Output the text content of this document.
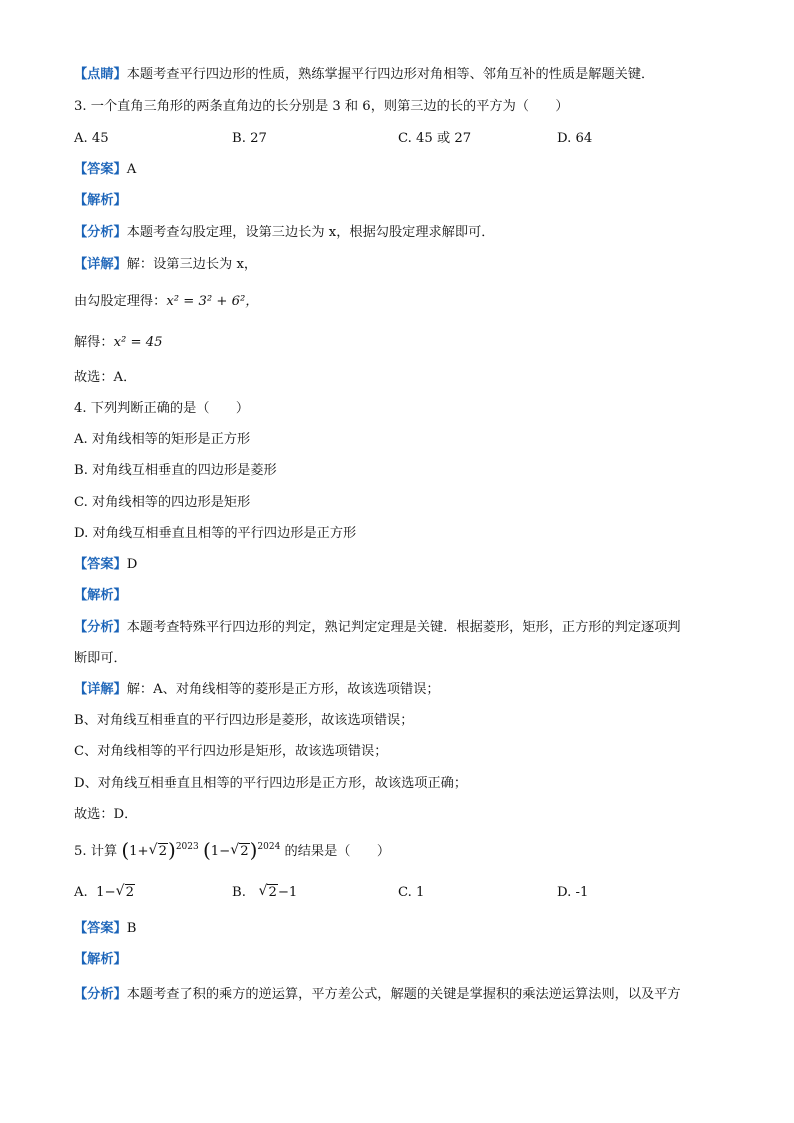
【点睛】本题考查平行四边形的性质，熟练掌握平行四边形对角相等、邻角互补的性质是解题关键．
3. 一个直角三角形的两条直角边的长分别是 3 和 6，则第三边的长的平方为（　　）
A. 45	B. 27	C. 45 或 27	D. 64
【答案】A
【解析】
【分析】本题考查勾股定理，设第三边长为 x，根据勾股定理求解即可．
【详解】解：设第三边长为 x，
由勾股定理得：x² = 3² + 6²，
解得：x² = 45
故选：A．
4. 下列判断正确的是（　　）
A. 对角线相等的矩形是正方形
B. 对角线互相垂直的四边形是菱形
C. 对角线相等的四边形是矩形
D. 对角线互相垂直且相等的平行四边形是正方形
【答案】D
【解析】
【分析】本题考查特殊平行四边形的判定，熟记判定定理是关键．根据菱形，矩形，正方形的判定逐项判
断即可．
【详解】解：A、对角线相等的菱形是正方形，故该选项错误；
B、对角线互相垂直的平行四边形是菱形，故该选项错误；
C、对角线相等的平行四边形是矩形，故该选项错误；
D、对角线互相垂直且相等的平行四边形是正方形，故该选项正确；
故选：D．
5. 计算 (1+ √ 2)$^{2023}$ (1− √ 2)$^{2024}$ 的结果是（　　）
A.  1− √ 2	B. √ 2−1	C. 1	D. -1
【答案】B
【解析】
【分析】本题考查了积的乘方的逆运算，平方差公式，解题的关键是掌握积的乘法逆运算法则，以及平方
